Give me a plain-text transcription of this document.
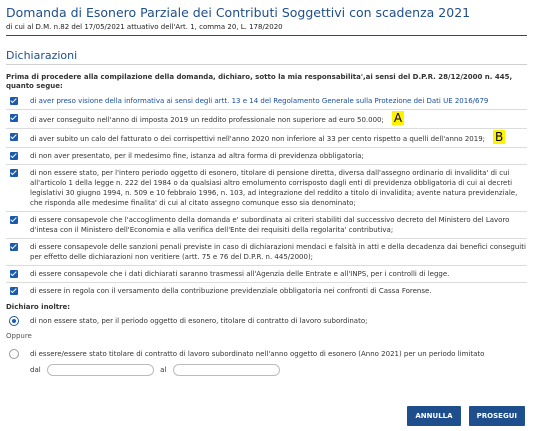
Domanda di Esonero Parziale dei Contributi Soggettivi con scadenza 2021
di cui al D.M. n.82 del 17/05/2021 attuativo dell'Art. 1, comma 20, L. 178/2020
Dichiarazioni
Prima di procedere alla compilazione della domanda, dichiaro, sotto la mia responsabilita',ai sensi del D.P.R. 28/12/2000 n. 445, quanto segue:
di aver preso visione della informativa ai sensi degli artt. 13 e 14 del Regolamento Generale sulla Protezione dei Dati UE 2016/679
di aver conseguito nell'anno di imposta 2019 un reddito professionale non superiore ad euro 50.000; A
di aver subito un calo del fatturato o dei corrispettivi nell'anno 2020 non inferiore al 33 per cento rispetto a quelli dell'anno 2019; B
di non aver presentato, per il medesimo fine, istanza ad altra forma di previdenza obbligatoria;
di non essere stato, per l'intero periodo oggetto di esonero, titolare di pensione diretta, diversa dall'assegno ordinario di invalidita' di cui all'articolo 1 della legge n. 222 del 1984 o da qualsiasi altro emolumento corrisposto dagli enti di previdenza obbligatoria di cui ai decreti legislativi 30 giugno 1994, n. 509 e 10 febbraio 1996, n. 103, ad integrazione del reddito a titolo di invalidita; avente natura previdenziale, che risponda alle medesime finalita' di cui al citato assegno comunque esso sia denominato;
di essere consapevole che l'accoglimento della domanda e' subordinata ai criteri stabiliti dal successivo decreto del Ministero del Lavoro d'intesa con il Ministero dell'Economia e alla verifica dell'Ente dei requisiti della regolarita' contributiva;
di essere consapevole delle sanzioni penali previste in caso di dichiarazioni mendaci e falsità in atti e della decadenza dai benefici conseguiti per effetto delle dichiarazioni non veritiere (artt. 75 e 76 del D.P.R. n. 445/2000);
di essere consapevole che i dati dichiarati saranno trasmessi all'Agenzia delle Entrate e all'INPS, per i controlli di legge.
di essere in regola con il versamento della contribuzione previdenziale obbligatoria nei confronti di Cassa Forense.
Dichiaro inoltre:
di non essere stato, per il periodo oggetto di esonero, titolare di contratto di lavoro subordinato;
Oppure
di essere/essere stato titolare di contratto di lavoro subordinato nell'anno oggetto di esonero (Anno 2021) per un periodo limitato
dal	al
ANNULLA	PROSEGUI
